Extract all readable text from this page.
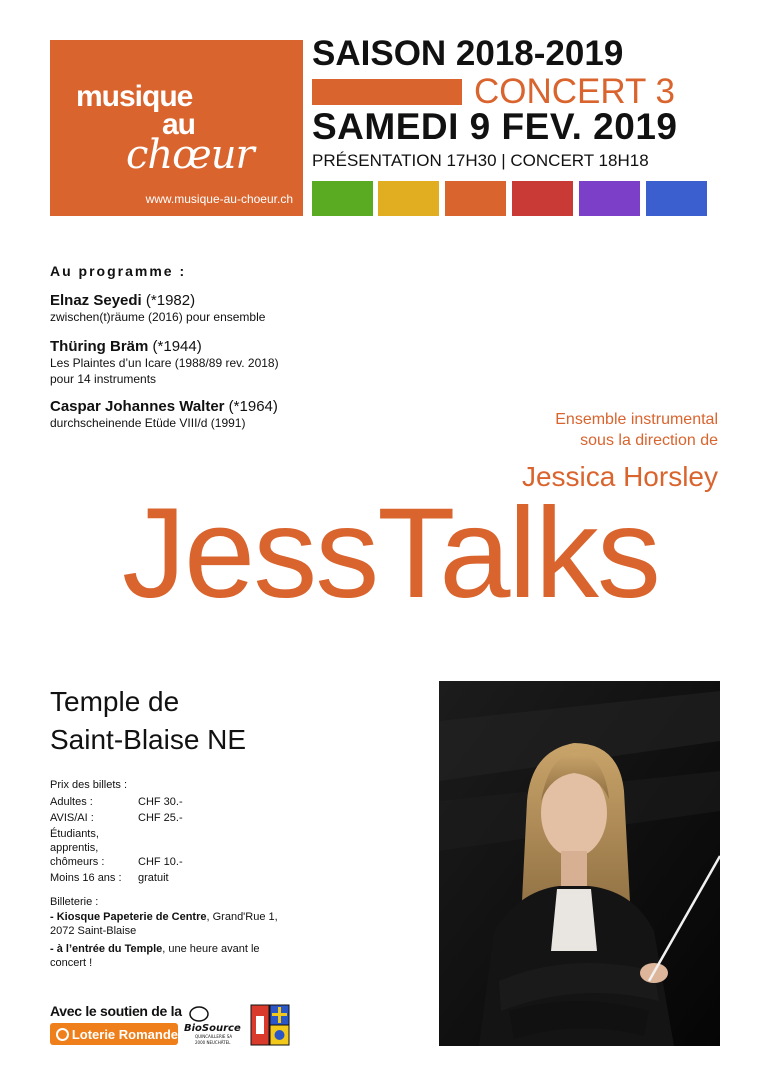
musique
au
chœur
www.musique-au-choeur.ch
SAISON 2018-2019
CONCERT 3
SAMEDI 9 FEV. 2019
PRÉSENTATION 17H30 | CONCERT 18H18
Au programme :
Elnaz Seyedi (*1982)
zwischen(t)räume (2016) pour ensemble
Thüring Bräm (*1944)
Les Plaintes d’un Icare (1988/89 rev. 2018)
pour 14 instruments
Caspar Johannes Walter (*1964)
durchscheinende Etüde VIII/d (1991)	Ensemble instrumental
sous la direction de
Jessica Horsley
JessTalks
Temple de
Saint-Blaise NE
Prix des billets :
Adultes :	CHF 30.-
AVIS/AI :	CHF 25.-
Étudiants,
apprentis,
chômeurs :	CHF 10.-
Moins 16 ans :	gratuit
Billeterie :
- Kiosque Papeterie de Centre, Grand'Rue 1, 2072 Saint-Blaise
- à l’entrée du Temple, une heure avant le concert !
Avec le soutien de la
Loterie Romande BioSource
QUINCAILLERIE SA
2000 NEUCHÂTEL
